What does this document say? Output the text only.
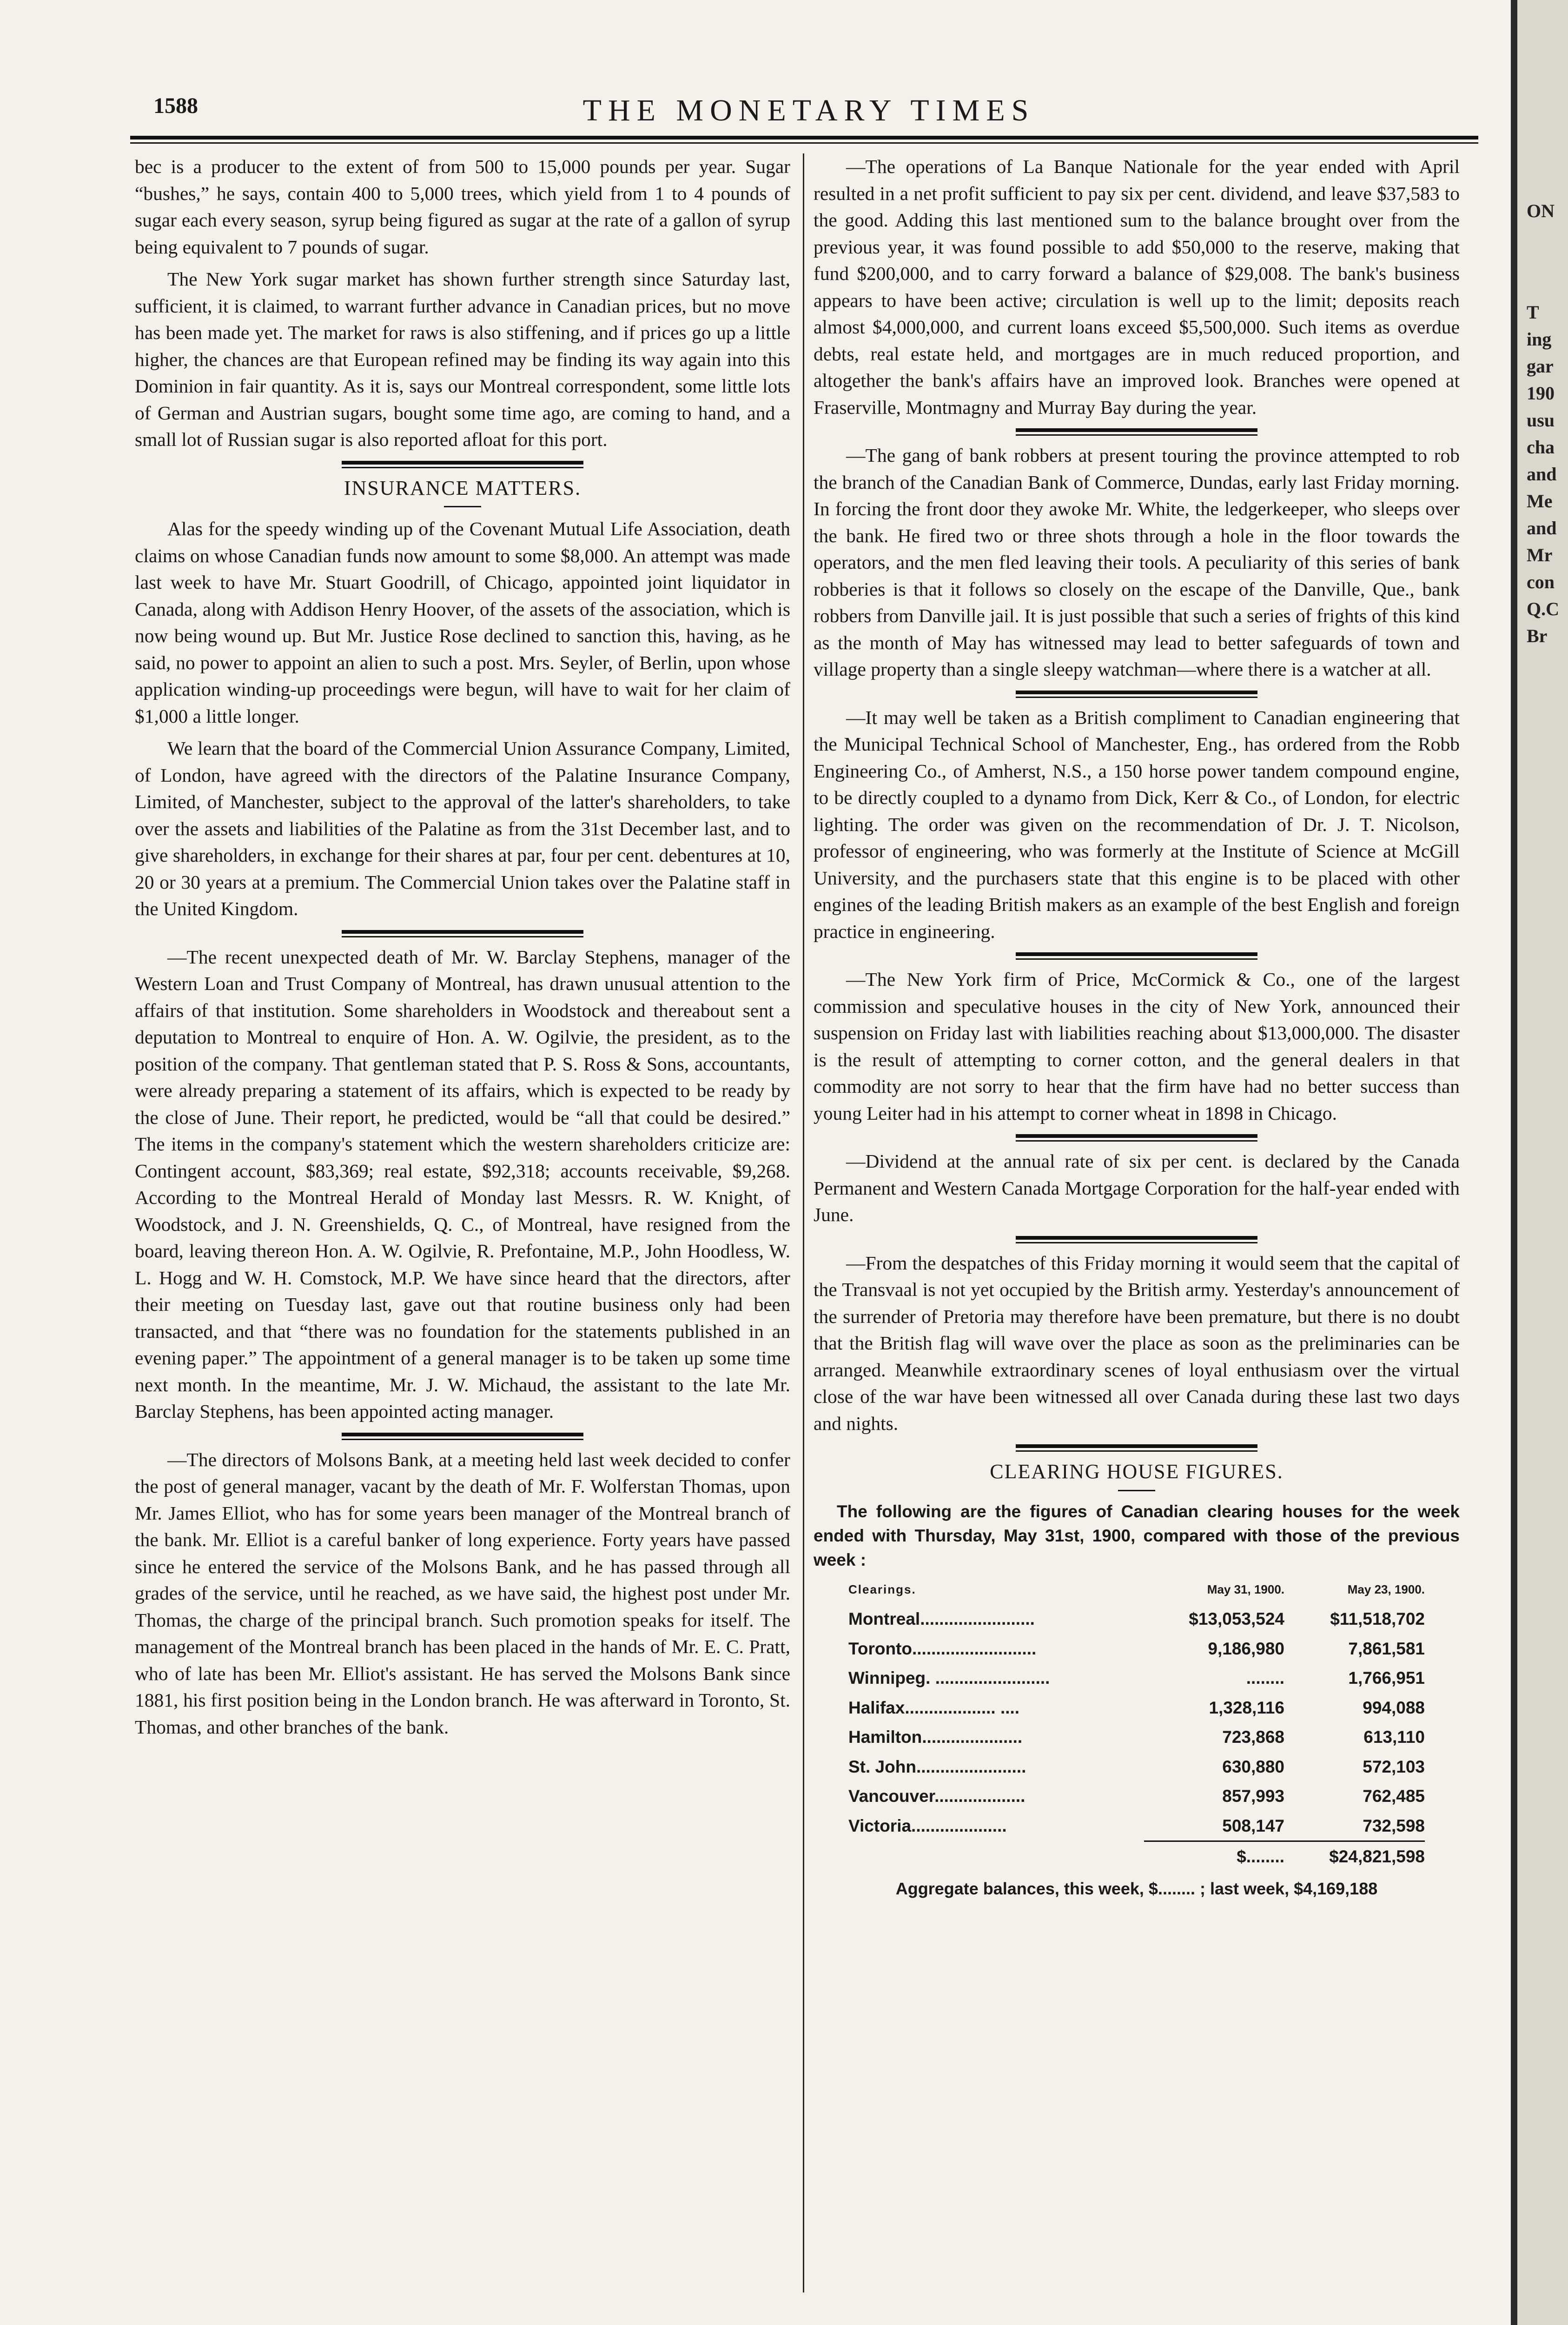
1588	THE MONETARY TIMES

bec is a producer to the extent of from 500 to 15,000 pounds per year. Sugar “bushes,” he says, contain 400 to 5,000 trees, which yield from 1 to 4 pounds of sugar each every season, syrup being figured as sugar at the rate of a gallon of syrup being equivalent to 7 pounds of sugar.

The New York sugar market has shown further strength since Saturday last, sufficient, it is claimed, to warrant further advance in Canadian prices, but no move has been made yet. The market for raws is also stiffening, and if prices go up a little higher, the chances are that European refined may be finding its way again into this Dominion in fair quantity. As it is, says our Montreal correspondent, some little lots of German and Austrian sugars, bought some time ago, are coming to hand, and a small lot of Russian sugar is also reported afloat for this port.

INSURANCE MATTERS.

Alas for the speedy winding up of the Covenant Mutual Life Association, death claims on whose Canadian funds now amount to some $8,000. An attempt was made last week to have Mr. Stuart Goodrill, of Chicago, appointed joint liquidator in Canada, along with Addison Henry Hoover, of the assets of the association, which is now being wound up. But Mr. Justice Rose declined to sanction this, having, as he said, no power to appoint an alien to such a post. Mrs. Seyler, of Berlin, upon whose application winding-up proceedings were begun, will have to wait for her claim of $1,000 a little longer.

We learn that the board of the Commercial Union Assurance Company, Limited, of London, have agreed with the directors of the Palatine Insurance Company, Limited, of Manchester, subject to the approval of the latter's shareholders, to take over the assets and liabilities of the Palatine as from the 31st December last, and to give shareholders, in exchange for their shares at par, four per cent. debentures at 10, 20 or 30 years at a premium. The Commercial Union takes over the Palatine staff in the United Kingdom.

—The recent unexpected death of Mr. W. Barclay Stephens, manager of the Western Loan and Trust Company of Montreal, has drawn unusual attention to the affairs of that institution. Some shareholders in Woodstock and thereabout sent a deputation to Montreal to enquire of Hon. A. W. Ogilvie, the president, as to the position of the company. That gentleman stated that P. S. Ross & Sons, accountants, were already preparing a statement of its affairs, which is expected to be ready by the close of June. Their report, he predicted, would be “all that could be desired.” The items in the company's statement which the western shareholders criticize are: Contingent account, $83,369; real estate, $92,318; accounts receivable, $9,268. According to the Montreal Herald of Monday last Messrs. R. W. Knight, of Woodstock, and J. N. Greenshields, Q. C., of Montreal, have resigned from the board, leaving thereon Hon. A. W. Ogilvie, R. Prefontaine, M.P., John Hoodless, W. L. Hogg and W. H. Comstock, M.P. We have since heard that the directors, after their meeting on Tuesday last, gave out that routine business only had been transacted, and that “there was no foundation for the statements published in an evening paper.” The appointment of a general manager is to be taken up some time next month. In the meantime, Mr. J. W. Michaud, the assistant to the late Mr. Barclay Stephens, has been appointed acting manager.

—The directors of Molsons Bank, at a meeting held last week decided to confer the post of general manager, vacant by the death of Mr. F. Wolferstan Thomas, upon Mr. James Elliot, who has for some years been manager of the Montreal branch of the bank. Mr. Elliot is a careful banker of long experience. Forty years have passed since he entered the service of the Molsons Bank, and he has passed through all grades of the service, until he reached, as we have said, the highest post under Mr. Thomas, the charge of the principal branch. Such promotion speaks for itself. The management of the Montreal branch has been placed in the hands of Mr. E. C. Pratt, who of late has been Mr. Elliot's assistant. He has served the Molsons Bank since 1881, his first position being in the London branch. He was afterward in Toronto, St. Thomas, and other branches of the bank.

—The operations of La Banque Nationale for the year ended with April resulted in a net profit sufficient to pay six per cent. dividend, and leave $37,583 to the good. Adding this last mentioned sum to the balance brought over from the previous year, it was found possible to add $50,000 to the reserve, making that fund $200,000, and to carry forward a balance of $29,008. The bank's business appears to have been active; circulation is well up to the limit; deposits reach almost $4,000,000, and current loans exceed $5,500,000. Such items as overdue debts, real estate held, and mortgages are in much reduced proportion, and altogether the bank's affairs have an improved look. Branches were opened at Fraserville, Montmagny and Murray Bay during the year.

—The gang of bank robbers at present touring the province attempted to rob the branch of the Canadian Bank of Commerce, Dundas, early last Friday morning. In forcing the front door they awoke Mr. White, the ledgerkeeper, who sleeps over the bank. He fired two or three shots through a hole in the floor towards the operators, and the men fled leaving their tools. A peculiarity of this series of bank robberies is that it follows so closely on the escape of the Danville, Que., bank robbers from Danville jail. It is just possible that such a series of frights of this kind as the month of May has witnessed may lead to better safeguards of town and village property than a single sleepy watchman—where there is a watcher at all.

—It may well be taken as a British compliment to Canadian engineering that the Municipal Technical School of Manchester, Eng., has ordered from the Robb Engineering Co., of Amherst, N.S., a 150 horse power tandem compound engine, to be directly coupled to a dynamo from Dick, Kerr & Co., of London, for electric lighting. The order was given on the recommendation of Dr. J. T. Nicolson, professor of engineering, who was formerly at the Institute of Science at McGill University, and the purchasers state that this engine is to be placed with other engines of the leading British makers as an example of the best English and foreign practice in engineering.

—The New York firm of Price, McCormick & Co., one of the largest commission and speculative houses in the city of New York, announced their suspension on Friday last with liabilities reaching about $13,000,000. The disaster is the result of attempting to corner cotton, and the general dealers in that commodity are not sorry to hear that the firm have had no better success than young Leiter had in his attempt to corner wheat in 1898 in Chicago.

—Dividend at the annual rate of six per cent. is declared by the Canada Permanent and Western Canada Mortgage Corporation for the half-year ended with June.

—From the despatches of this Friday morning it would seem that the capital of the Transvaal is not yet occupied by the British army. Yesterday's announcement of the surrender of Pretoria may therefore have been premature, but there is no doubt that the British flag will wave over the place as soon as the preliminaries can be arranged. Meanwhile extraordinary scenes of loyal enthusiasm over the virtual close of the war have been witnessed all over Canada during these last two days and nights.

CLEARING HOUSE FIGURES.
The following are the figures of Canadian clearing houses for the week ended with Thursday, May 31st, 1900, compared with those of the previous week :
Clearings.	May 31, 1900.	May 23, 1900.
Montreal........................	$13,053,524	$11,518,702
Toronto..........................	9,186,980	7,861,581
Winnipeg. ........................	........	1,766,951
Halifax................... ....	1,328,116	994,088
Hamilton.....................	723,868	613,110
St. John.......................	630,880	572,103
Vancouver...................	857,993	762,485
Victoria....................	508,147	732,598
	$........	$24,821,598
Aggregate balances, this week, $........ ; last week, $4,169,188
ON
T
ing
gar
190
usu
cha
and
Me
and
Mr
con
Q.C
Br
